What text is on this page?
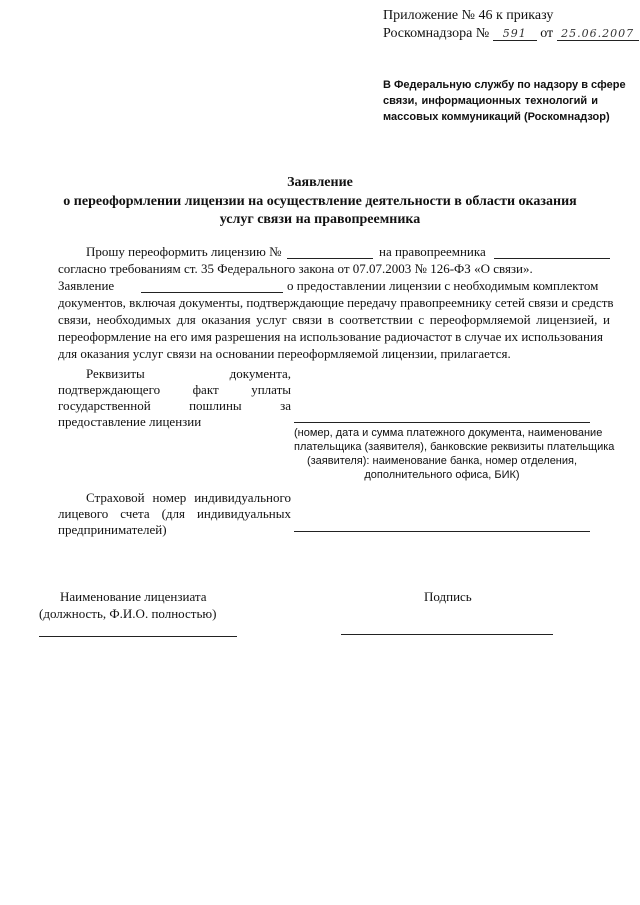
Приложение № 46 к приказу
Роскомнадзора № 591 от 25.06.2007
В Федеральную службу по надзору в сфере
связи, информационных технологий и
массовых коммуникаций (Роскомнадзор)
Заявление
о переоформлении лицензии на осуществление деятельности в области оказания
услуг связи на правопреемника
Прошу переоформить лицензию №	на правопреемника
согласно требованиям ст. 35 Федерального закона от 07.07.2003 № 126-ФЗ «О связи».
Заявление	о предоставлении лицензии с необходимым комплектом
документов, включая документы, подтверждающие передачу правопреемнику сетей связи и средств
связи, необходимых для оказания услуг связи в соответствии с переоформляемой лицензией, и
переоформление на его имя разрешения на использование радиочастот в случае их использования
для оказания услуг связи на основании переоформляемой лицензии, прилагается.
Реквизиты	документа,
подтверждающего	факт	уплаты
государственной	пошлины	за
предоставление лицензии
(номер, дата и сумма платежного документа, наименование
плательщика (заявителя), банковские реквизиты плательщика
(заявителя): наименование банка, номер отделения,
дополнительного офиса, БИК)
Страховой номер индивидуального
лицевого счета (для индивидуальных
предпринимателей)
Наименование лицензиата
(должность, Ф.И.О. полностью)
Подпись
